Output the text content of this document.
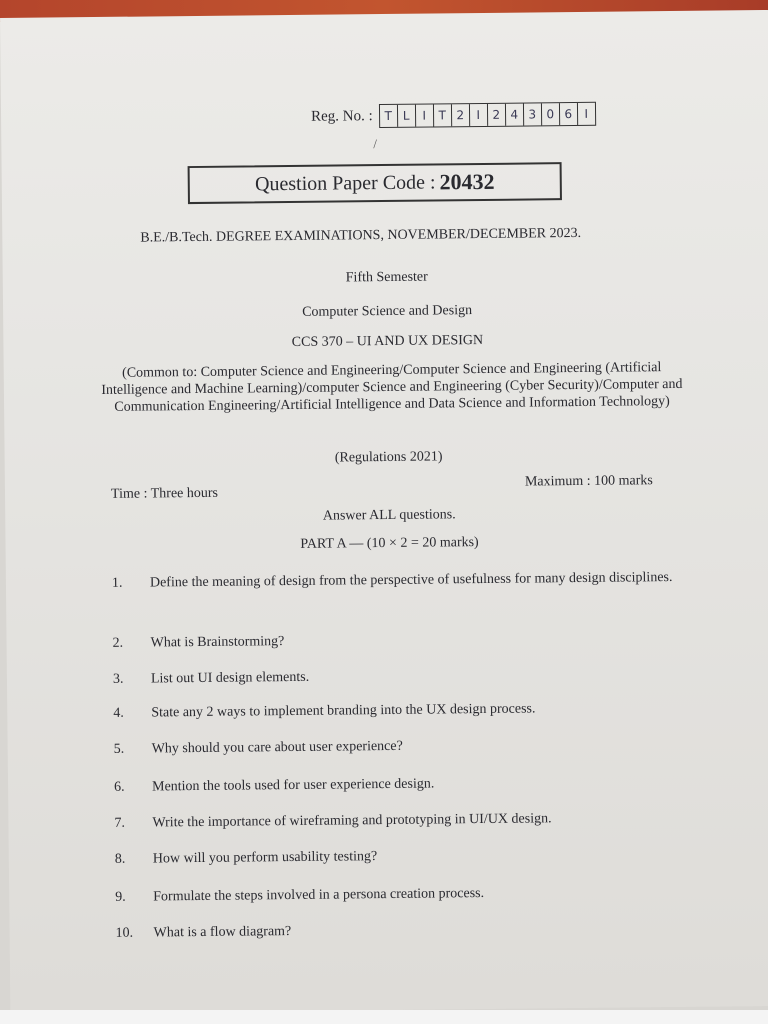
Reg. No. : T L	I	T 2	I	2 4 3 0 6	I
/
Question Paper Code : 20432
B.E./B.Tech. DEGREE EXAMINATIONS, NOVEMBER/DECEMBER 2023.
Fifth Semester
Computer Science and Design
CCS 370 – UI AND UX DESIGN
(Common to: Computer Science and Engineering/Computer Science and Engineering (Artificial Intelligence and Machine Learning)/computer Science and Engineering (Cyber Security)/Computer and Communication Engineering/Artificial Intelligence and Data Science and Information Technology)
(Regulations 2021)
Time : Three hours
Maximum : 100 marks
Answer ALL questions.
PART A — (10 × 2 = 20 marks)
1.	Define the meaning of design from the perspective of usefulness for many design disciplines.
2.	What is Brainstorming?
3.	List out UI design elements.
4.	State any 2 ways to implement branding into the UX design process.
5.	Why should you care about user experience?
6.	Mention the tools used for user experience design.
7.	Write the importance of wireframing and prototyping in UI/UX design.
8.	How will you perform usability testing?
9.	Formulate the steps involved in a persona creation process.
10.	What is a flow diagram?
